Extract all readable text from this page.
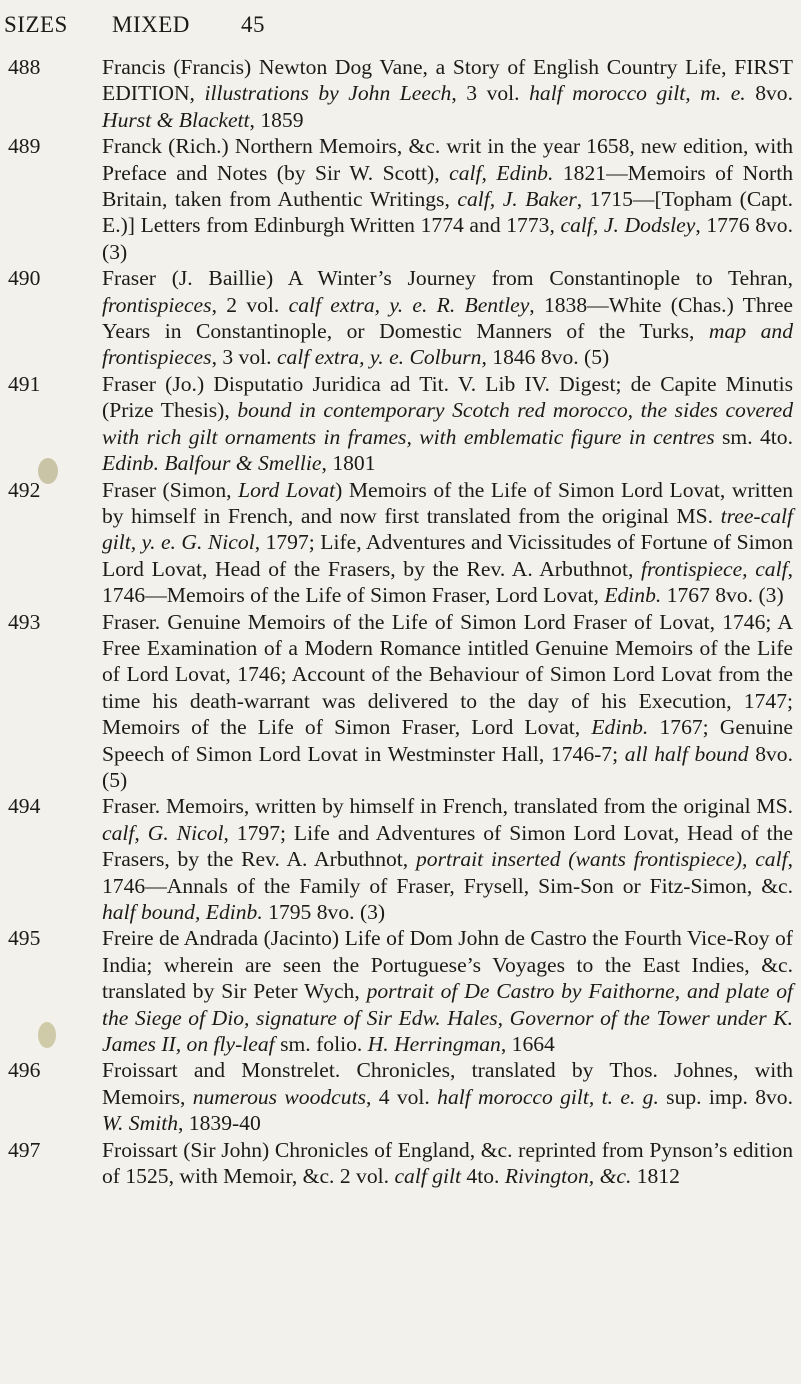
SIZES MIXED 45
488	Francis (Francis) Newton Dog Vane, a Story of English Country Life, FIRST EDITION, illustrations by John Leech, 3 vol. half morocco gilt, m. e. 8vo. Hurst & Blackett, 1859
489	Franck (Rich.) Northern Memoirs, &c. writ in the year 1658, new edition, with Preface and Notes (by Sir W. Scott), calf, Edinb. 1821—Memoirs of North Britain, taken from Authentic Writings, calf, J. Baker, 1715—[Topham (Capt. E.)] Letters from Edinburgh Written 1774 and 1773, calf, J. Dodsley, 1776 8vo. (3)
490	Fraser (J. Baillie) A Winter’s Journey from Constantinople to Tehran, frontispieces, 2 vol. calf extra, y. e. R. Bentley, 1838—White (Chas.) Three Years in Constantinople, or Domestic Manners of the Turks, map and frontispieces, 3 vol. calf extra, y. e. Colburn, 1846 8vo. (5)
491	Fraser (Jo.) Disputatio Juridica ad Tit. V. Lib IV. Digest; de Capite Minutis (Prize Thesis), bound in contemporary Scotch red morocco, the sides covered with rich gilt ornaments in frames, with emblematic figure in centres sm. 4to. Edinb. Balfour & Smellie, 1801
492	Fraser (Simon, Lord Lovat) Memoirs of the Life of Simon Lord Lovat, written by himself in French, and now first translated from the original MS. tree-calf gilt, y. e. G. Nicol, 1797; Life, Adventures and Vicissitudes of Fortune of Simon Lord Lovat, Head of the Frasers, by the Rev. A. Arbuthnot, frontispiece, calf, 1746—Memoirs of the Life of Simon Fraser, Lord Lovat, Edinb. 1767 8vo. (3)
493	Fraser. Genuine Memoirs of the Life of Simon Lord Fraser of Lovat, 1746; A Free Examination of a Modern Romance intitled Genuine Memoirs of the Life of Lord Lovat, 1746; Account of the Behaviour of Simon Lord Lovat from the time his death-warrant was delivered to the day of his Execution, 1747; Memoirs of the Life of Simon Fraser, Lord Lovat, Edinb. 1767; Genuine Speech of Simon Lord Lovat in Westminster Hall, 1746-7; all half bound 8vo. (5)
494	Fraser. Memoirs, written by himself in French, translated from the original MS. calf, G. Nicol, 1797; Life and Adventures of Simon Lord Lovat, Head of the Frasers, by the Rev. A. Arbuthnot, portrait inserted (wants frontispiece), calf, 1746—Annals of the Family of Fraser, Frysell, Sim-Son or Fitz-Simon, &c. half bound, Edinb. 1795 8vo. (3)
495	Freire de Andrada (Jacinto) Life of Dom John de Castro the Fourth Vice-Roy of India; wherein are seen the Portuguese’s Voyages to the East Indies, &c. translated by Sir Peter Wych, portrait of De Castro by Faithorne, and plate of the Siege of Dio, signature of Sir Edw. Hales, Governor of the Tower under K. James II, on fly-leaf sm. folio. H. Herringman, 1664
496	Froissart and Monstrelet. Chronicles, translated by Thos. Johnes, with Memoirs, numerous woodcuts, 4 vol. half morocco gilt, t. e. g. sup. imp. 8vo. W. Smith, 1839-40
497	Froissart (Sir John) Chronicles of England, &c. reprinted from Pynson’s edition of 1525, with Memoir, &c. 2 vol. calf gilt 4to. Rivington, &c. 1812
